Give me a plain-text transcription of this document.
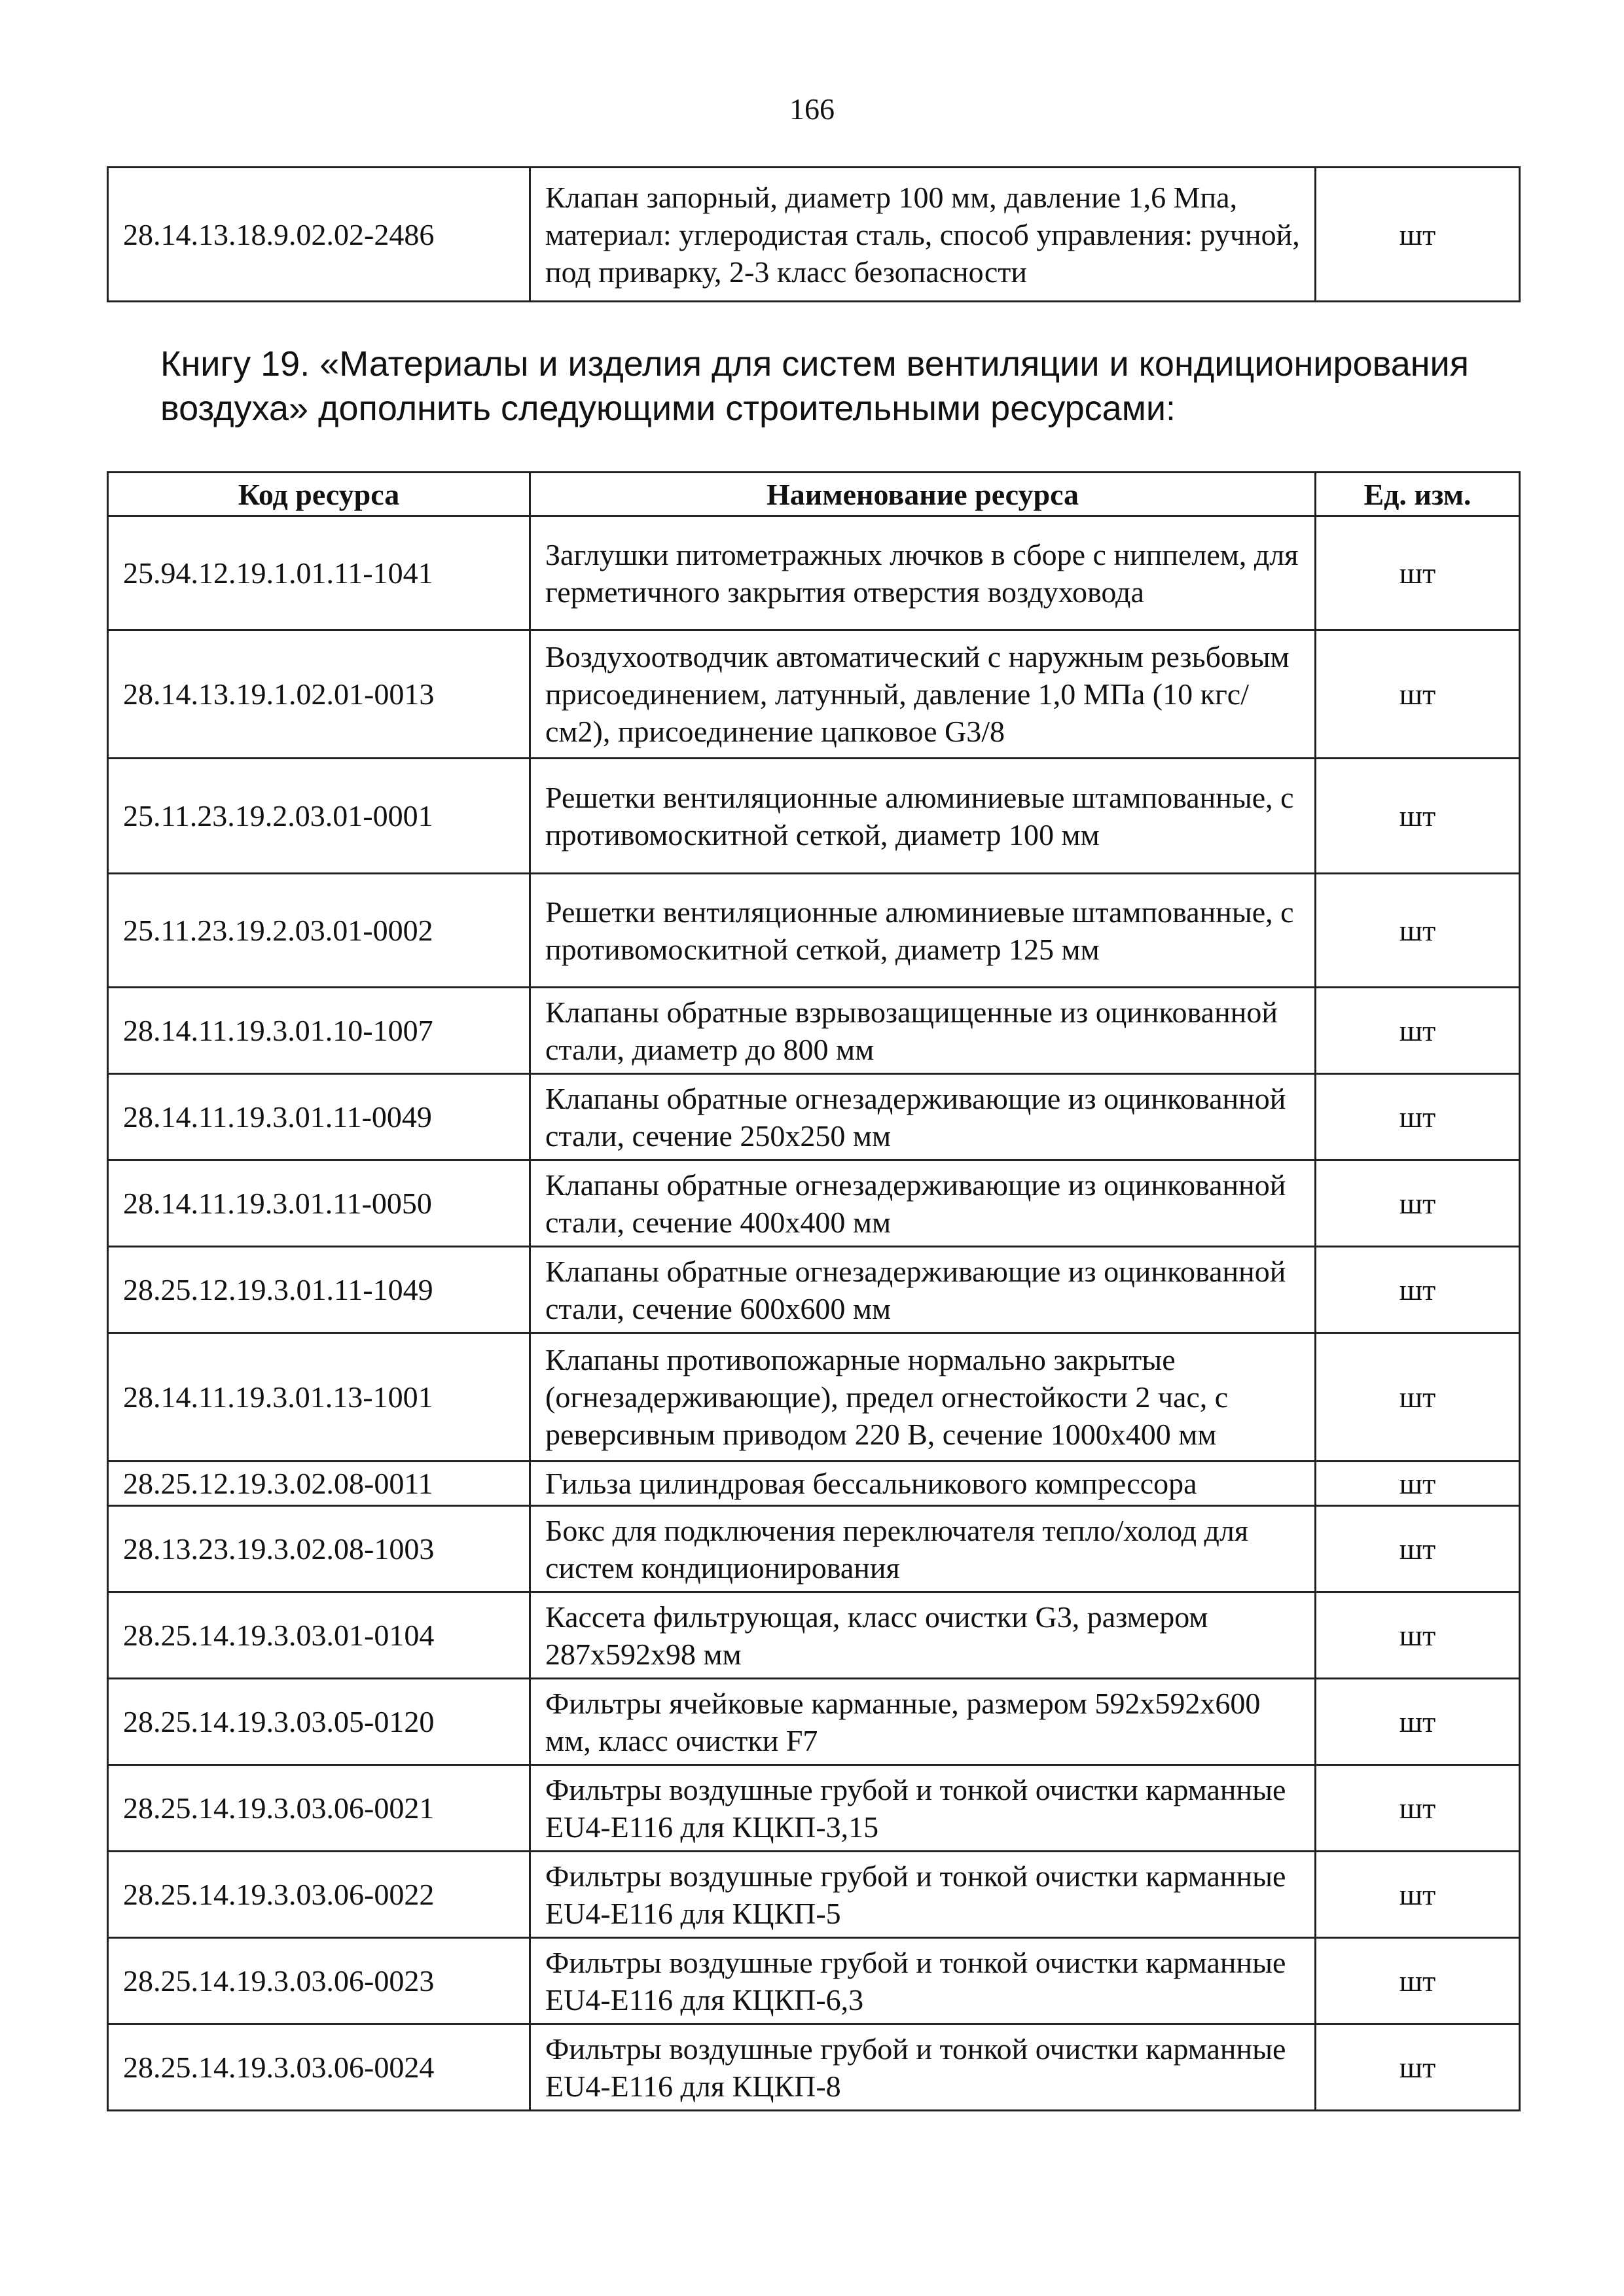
166
28.14.13.18.9.02.02-2486	Клапан запорный, диаметр 100 мм, давление 1,6 Мпа, материал: углеродистая сталь, способ управления: ручной, под приварку, 2-3 класс безопасности	шт
Книгу 19. «Материалы и изделия для систем вентиляции и кондиционирования воздуха» дополнить следующими строительными ресурсами:
Код ресурса	Наименование ресурса	Ед. изм.
25.94.12.19.1.01.11-1041	Заглушки питометражных лючков в сборе с ниппелем, для герметичного закрытия отверстия воздуховода	шт
28.14.13.19.1.02.01-0013	Воздухоотводчик автоматический с наружным резьбовым присоединением, латунный, давление 1,0 МПа (10 кгс/см2), присоединение цапковое G3/8	шт
25.11.23.19.2.03.01-0001	Решетки вентиляционные алюминиевые штампованные, с противомоскитной сеткой, диаметр 100 мм	шт
25.11.23.19.2.03.01-0002	Решетки вентиляционные алюминиевые штампованные, с противомоскитной сеткой, диаметр 125 мм	шт
28.14.11.19.3.01.10-1007	Клапаны обратные взрывозащищенные из оцинкованной стали, диаметр до 800 мм	шт
28.14.11.19.3.01.11-0049	Клапаны обратные огнезадерживающие из оцинкованной стали, сечение 250х250 мм	шт
28.14.11.19.3.01.11-0050	Клапаны обратные огнезадерживающие из оцинкованной стали, сечение 400х400 мм	шт
28.25.12.19.3.01.11-1049	Клапаны обратные огнезадерживающие из оцинкованной стали, сечение 600х600 мм	шт
28.14.11.19.3.01.13-1001	Клапаны противопожарные нормально закрытые (огнезадерживающие), предел огнестойкости 2 час, с реверсивным приводом 220 В, сечение 1000х400 мм	шт
28.25.12.19.3.02.08-0011	Гильза цилиндровая бессальникового компрессора	шт
28.13.23.19.3.02.08-1003	Бокс для подключения переключателя тепло/холод для систем кондиционирования	шт
28.25.14.19.3.03.01-0104	Кассета фильтрующая, класс очистки G3, размером 287х592х98 мм	шт
28.25.14.19.3.03.05-0120	Фильтры ячейковые карманные, размером 592х592х600 мм, класс очистки F7	шт
28.25.14.19.3.03.06-0021	Фильтры воздушные грубой и тонкой очистки карманные EU4-E116 для КЦКП-3,15	шт
28.25.14.19.3.03.06-0022	Фильтры воздушные грубой и тонкой очистки карманные EU4-E116 для КЦКП-5	шт
28.25.14.19.3.03.06-0023	Фильтры воздушные грубой и тонкой очистки карманные EU4-E116 для КЦКП-6,3	шт
28.25.14.19.3.03.06-0024	Фильтры воздушные грубой и тонкой очистки карманные EU4-E116 для КЦКП-8	шт
